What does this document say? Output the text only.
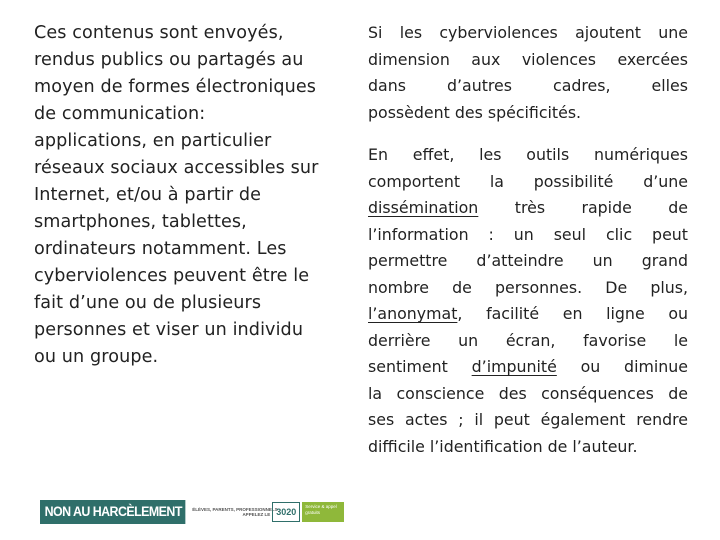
Ces contenus sont envoyés,
rendus publics ou partagés au
moyen de formes électroniques
de communication:
applications, en particulier
réseaux sociaux accessibles sur
Internet, et/ou à partir de
smartphones, tablettes,
ordinateurs notamment. Les
cyberviolences peuvent être le
fait d’une ou de plusieurs
personnes et viser un individu
ou un groupe.

Si les cyberviolences ajoutent une
dimension aux violences exercées
dans d’autres cadres, elles
possèdent des spécificités.

En effet, les outils numériques
comportent la possibilité d’une
dissémination très rapide de
l’information : un seul clic peut
permettre d’atteindre un grand
nombre de personnes. De plus,
l’anonymat, facilité en ligne ou
derrière un écran, favorise le
sentiment d’impunité ou diminue
la conscience des conséquences de
ses actes ; il peut également rendre
difficile l’identification de l’auteur.

NON AU HARCÈLEMENT	ÉLÈVES, PARENTS, PROFESSIONNELS
APPELEZ LE 3020
Service & appel
gratuits
